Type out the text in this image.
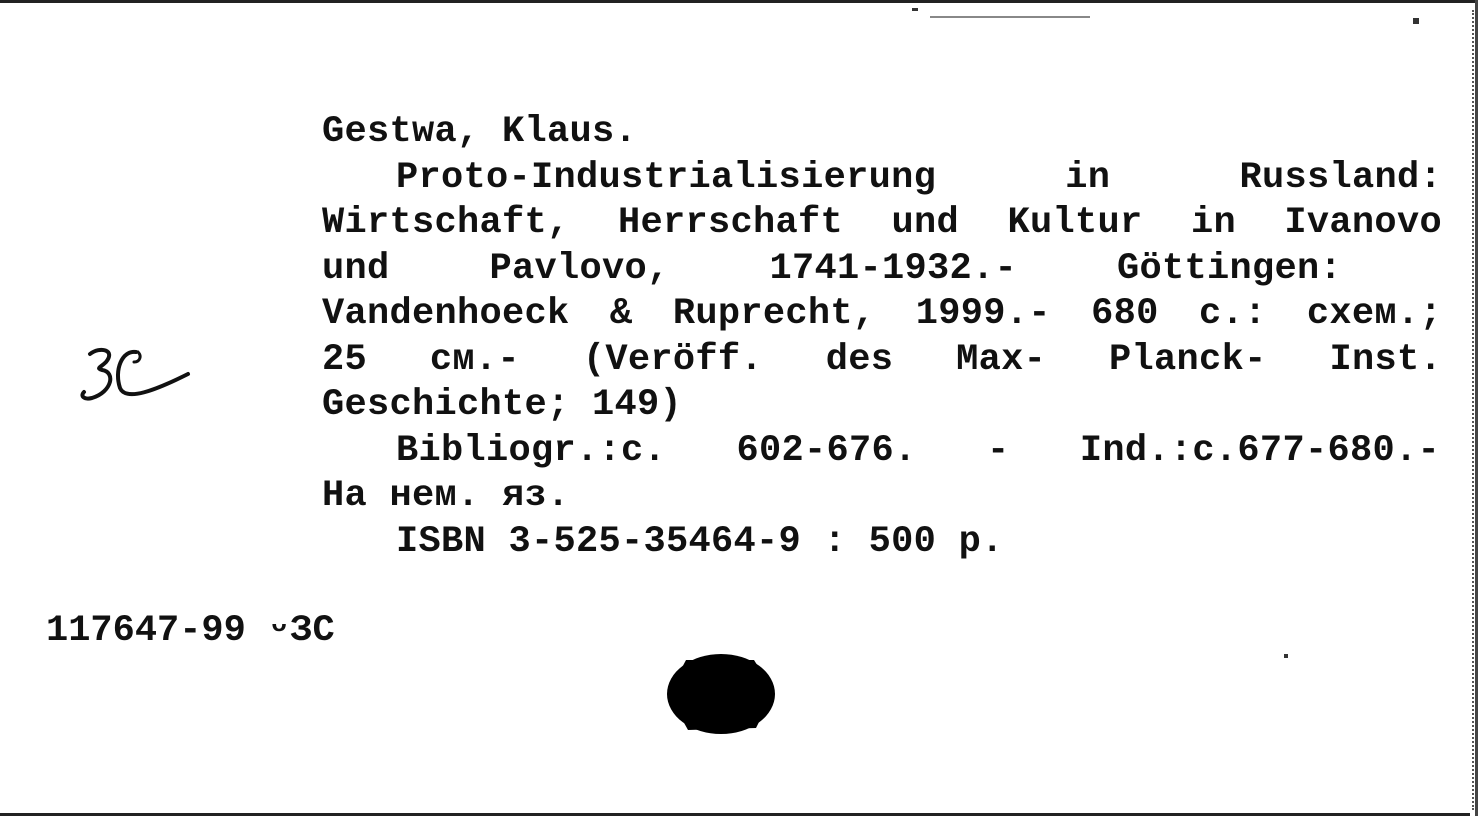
Gestwa, Klaus.
Proto-Industrialisierung	in	Russland:
Wirtschaft, Herrschaft und Kultur in Ivanovo
und	Pavlovo,	1741-1932.-	Göttingen:
Vandenhoeck & Ruprecht, 1999.- 680 с.: схем.;
25 см.- (Veröff. des Max- Planck- Inst.
Geschichte; 149)
Bibliogr.:c. 602-676. - Ind.:c.677-680.-
На нем. яз.
ISBN 3-525-35464-9 : 500 р.
117647-99 ᵕЗС
